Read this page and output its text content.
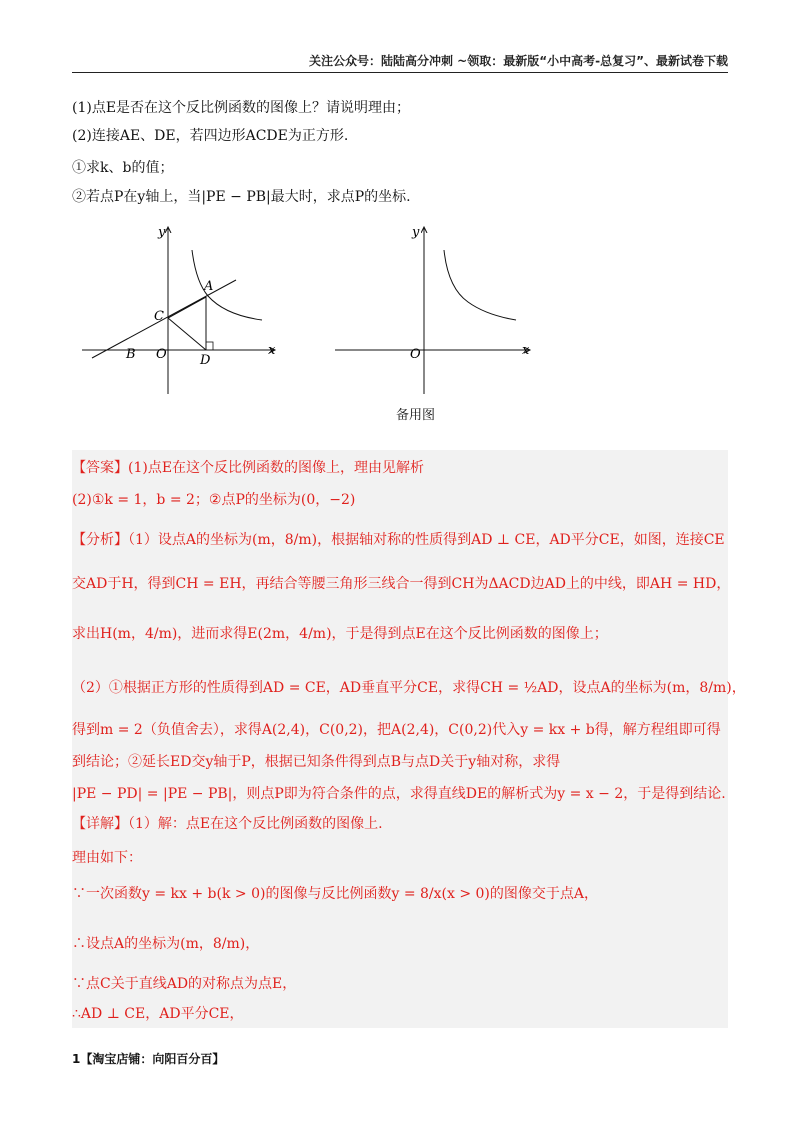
关注公众号：陆陆高分冲刺 ~领取：最新版“小中高考-总复习”、最新试卷下载
(1)点E是否在这个反比例函数的图像上？请说明理由；
(2)连接AE、DE，若四边形ACDE为正方形.
①求k、b的值；
②若点P在y轴上，当|PE − PB|最大时，求点P的坐标.
y
x
O
A
B
C
D
y
x
O
备用图
【答案】(1)点E在这个反比例函数的图像上，理由见解析
(2)①k = 1，b = 2；②点P的坐标为(0，−2)
【分析】（1）设点A的坐标为(m，8/m)，根据轴对称的性质得到AD ⊥ CE，AD平分CE，如图，连接CE
交AD于H，得到CH = EH，再结合等腰三角形三线合一得到CH为ΔACD边AD上的中线，即AH = HD，
求出H(m，4/m)，进而求得E(2m，4/m)，于是得到点E在这个反比例函数的图像上；
（2）①根据正方形的性质得到AD = CE，AD垂直平分CE，求得CH = ½AD，设点A的坐标为(m，8/m)，
得到m = 2（负值舍去），求得A(2,4)，C(0,2)，把A(2,4)，C(0,2)代入y = kx + b得，解方程组即可得
到结论；②延长ED交y轴于P，根据已知条件得到点B与点D关于y轴对称，求得
|PE − PD| = |PE − PB|，则点P即为符合条件的点，求得直线DE的解析式为y = x − 2，于是得到结论.
【详解】（1）解：点E在这个反比例函数的图像上.
理由如下：
∵一次函数y = kx + b(k > 0)的图像与反比例函数y = 8/x(x > 0)的图像交于点A，
∴设点A的坐标为(m，8/m)，
∵点C关于直线AD的对称点为点E，
∴AD ⊥ CE，AD平分CE，
1【淘宝店铺：向阳百分百】
